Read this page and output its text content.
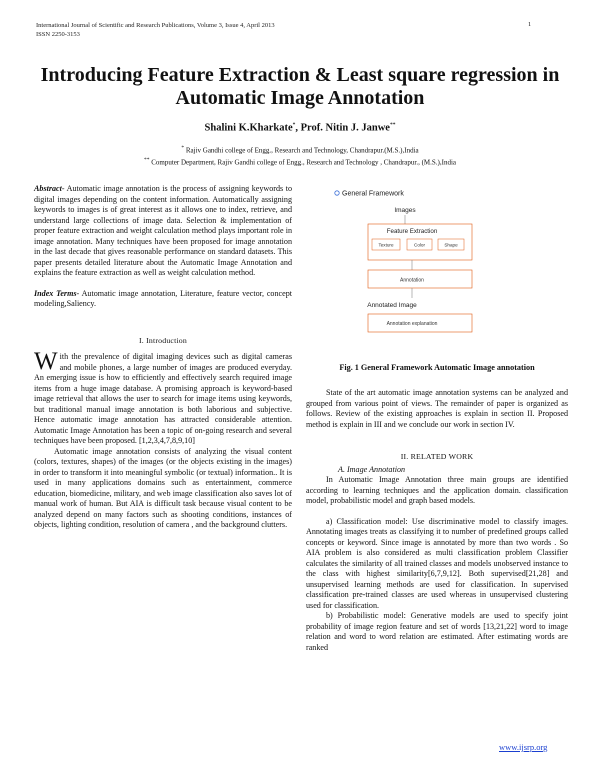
International Journal of Scientific and Research Publications, Volume 3, Issue 4, April 2013
ISSN 2250-3153
1
Introducing Feature Extraction & Least square regression in Automatic Image Annotation
Shalini K.Kharkate*, Prof. Nitin J. Janwe**
* Rajiv Gandhi college of Engg., Research and Technology, Chandrapur.(M.S.),India
** Computer Department, Rajiv Gandhi college of Engg., Research and Technology , Chandrapur., (M.S.),India

Abstract- Automatic image annotation is the process of assigning keywords to digital images depending on the content information. Automatically assigning keywords to images is of great interest as it allows one to index, retrieve, and understand large collections of image data. Selection & implementation of proper feature extraction and weight calculation method plays important role in image annotation. Many techniques have been proposed for image annotation in the last decade that gives reasonable performance on standard datasets. This paper presents detailed literature about the Automatic Image Annotation and explains the feature extraction as well as weight calculation method.

Index Terms- Automatic image annotation, Literature, feature vector, concept modeling,Saliency.

I. Introduction

With the prevalence of digital imaging devices such as digital cameras and mobile phones, a large number of images are produced everyday. An emerging issue is how to efficiently and effectively search required image items from a huge image database. A promising approach is keyword-based image retrieval that allows the user to search for image items using keywords, but traditional manual image annotation is both laborious and subjective. Hence automatic image annotation has attracted considerable attention. Automatic Image Annotation has been a topic of on-going research and several techniques have been proposed. [1,2,3,4,7,8,9,10]

Automatic image annotation consists of analyzing the visual content (colors, textures, shapes) of the images (or the objects existing in the images) in order to transform it into meaningful symbolic (or textual) information.. It is used in many applications domains such as entertainment, commerce education, biomedicine, military, and web image classification also saves lot of manual work of human. But AIA is difficult task because visual content to be analyzed depend on many factors such as shooting conditions, instances of objects, lighting condition, resolution of camera , and the background clutters.

General Framework
Images
Feature Extraction
Texture	Color	Shape
Annotation
Annotated Image
Annotation explanation
Fig. 1 General Framework Automatic Image annotation

State of the art automatic image annotation systems can be analyzed and grouped from various point of views. The remainder of paper is organized as follows. Review of the existing approaches is explain in section II. Proposed method is explain in III and we conclude our work in section IV.

II. RELATED WORK

A. Image Annotation

In Automatic Image Annotation three main groups are identified according to learning techniques and the application domain. classification model, probabilistic model and graph based models.

a) Classification model: Use discriminative model to classify images. Annotating images treats as classifying it to number of predefined groups called concepts or keyword. Since image is annotated by more than two words . So AIA problem is also considered as multi classification problem Classifier calculates the similarity of all trained classes and models unobserved instance to the class with highest similarity[6,7,9,12]. Both supervised[21,28] and unsupervised learning methods are used for classification. In supervised classification pre-trained classes are used whereas in unsupervised clustering used for classification.

b) Probabilistic model: Generative models are used to specify joint probability of image region feature and set of words [13,21,22] word to image relation and word to word relation are estimated. After estimating words are ranked

www.ijsrp.org
